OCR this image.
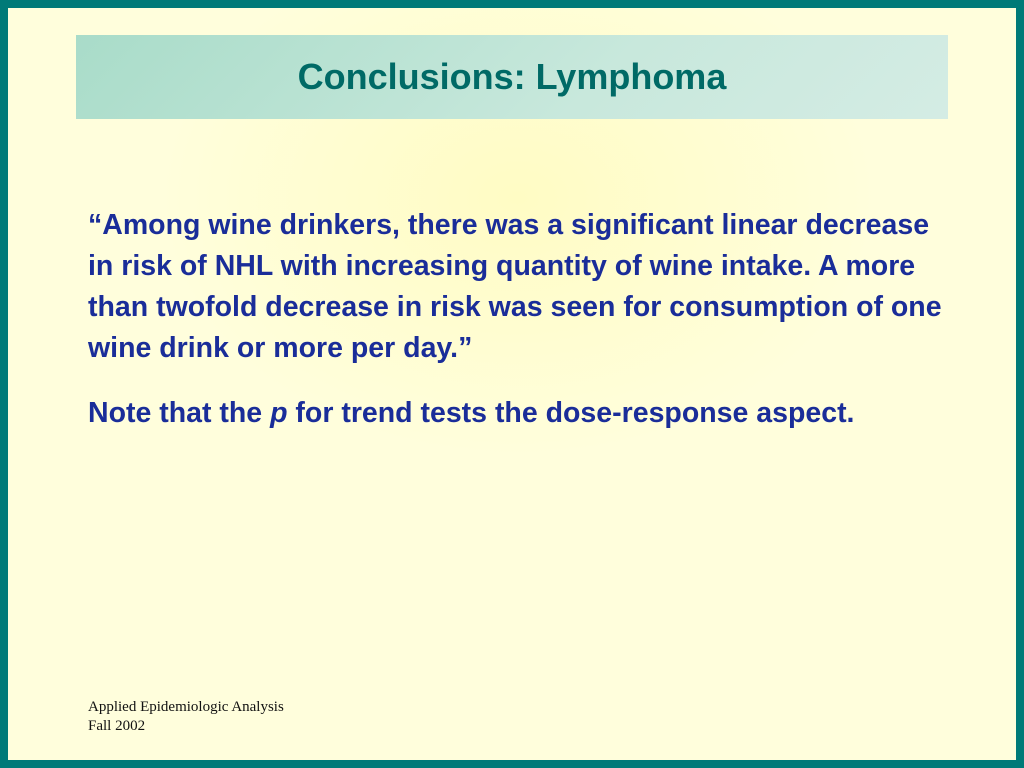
Conclusions: Lymphoma

“Among wine drinkers, there was a significant linear decrease in risk of NHL with increasing quantity of wine intake. A more than twofold decrease in risk was seen for consumption of one wine drink or more per day.”

Note that the p for trend tests the dose-response aspect.

Applied Epidemiologic Analysis
Fall 2002
